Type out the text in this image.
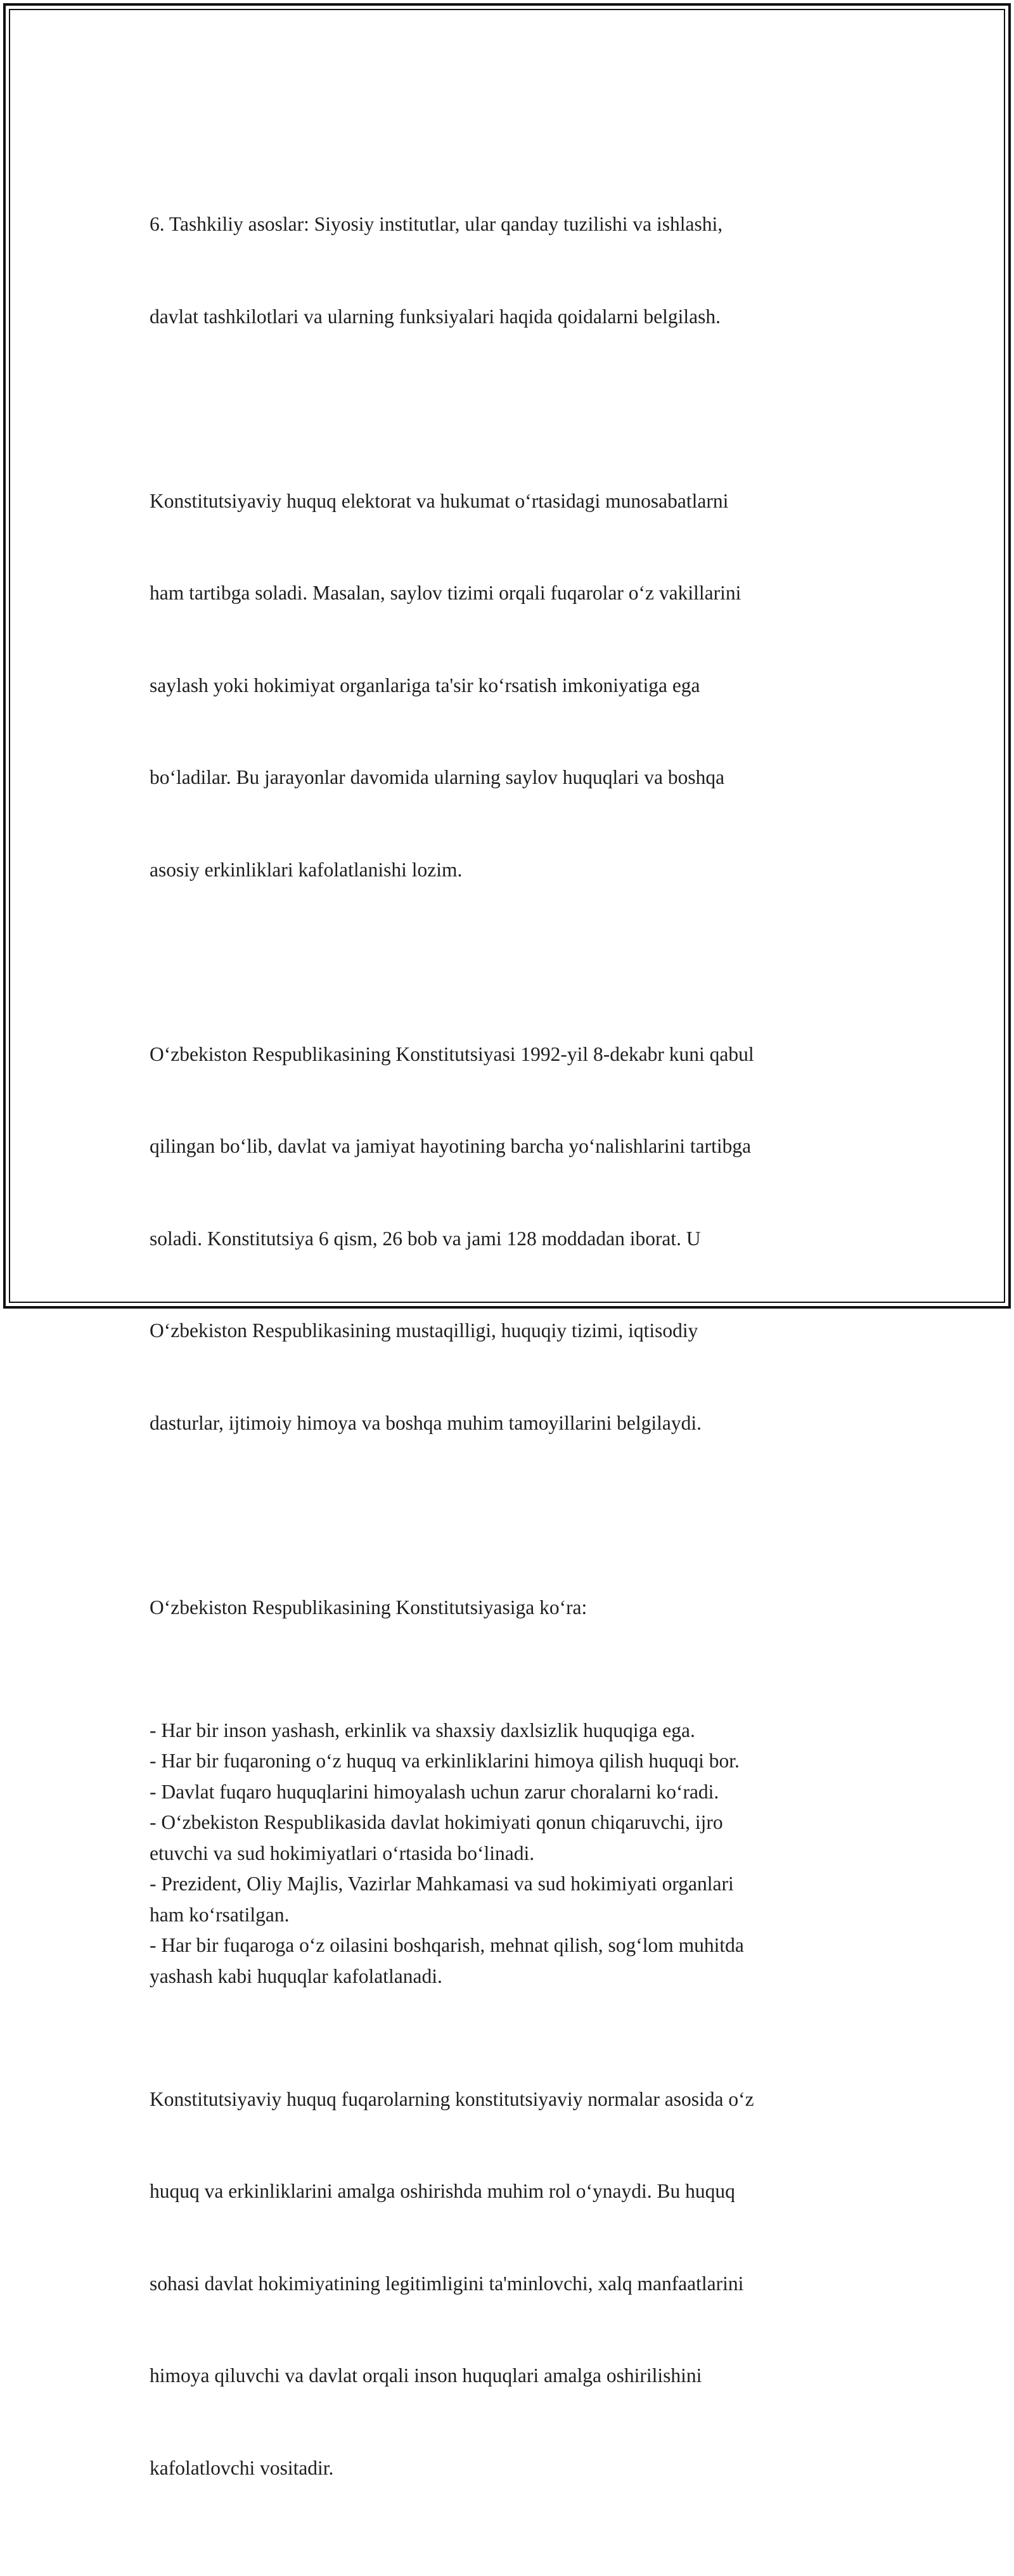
6. Tashkiliy asoslar: Siyosiy institutlar, ular qanday tuzilishi va ishlashi,

davlat tashkilotlari va ularning funksiyalari haqida qoidalarni belgilash.

Konstitutsiyaviy huquq elektorat va hukumat o‘rtasidagi munosabatlarni

ham tartibga soladi. Masalan, saylov tizimi orqali fuqarolar o‘z vakillarini

saylash yoki hokimiyat organlariga ta'sir ko‘rsatish imkoniyatiga ega

bo‘ladilar. Bu jarayonlar davomida ularning saylov huquqlari va boshqa

asosiy erkinliklari kafolatlanishi lozim.

O‘zbekiston Respublikasining Konstitutsiyasi 1992-yil 8-dekabr kuni qabul

qilingan bo‘lib, davlat va jamiyat hayotining barcha yo‘nalishlarini tartibga

soladi. Konstitutsiya 6 qism, 26 bob va jami 128 moddadan iborat. U

O‘zbekiston Respublikasining mustaqilligi, huquqiy tizimi, iqtisodiy

dasturlar, ijtimoiy himoya va boshqa muhim tamoyillarini belgilaydi.

O‘zbekiston Respublikasining Konstitutsiyasiga ko‘ra:

- Har bir inson yashash, erkinlik va shaxsiy daxlsizlik huquqiga ega.
- Har bir fuqaroning o‘z huquq va erkinliklarini himoya qilish huquqi bor.
- Davlat fuqaro huquqlarini himoyalash uchun zarur choralarni ko‘radi.
- O‘zbekiston Respublikasida davlat hokimiyati qonun chiqaruvchi, ijro
etuvchi va sud hokimiyatlari o‘rtasida bo‘linadi.
- Prezident, Oliy Majlis, Vazirlar Mahkamasi va sud hokimiyati organlari
ham ko‘rsatilgan.
- Har bir fuqaroga o‘z oilasini boshqarish, mehnat qilish, sog‘lom muhitda
yashash kabi huquqlar kafolatlanadi.

Konstitutsiyaviy huquq fuqarolarning konstitutsiyaviy normalar asosida o‘z

huquq va erkinliklarini amalga oshirishda muhim rol o‘ynaydi. Bu huquq

sohasi davlat hokimiyatining legitimligini ta'minlovchi, xalq manfaatlarini

himoya qiluvchi va davlat orqali inson huquqlari amalga oshirilishini

kafolatlovchi vositadir.
